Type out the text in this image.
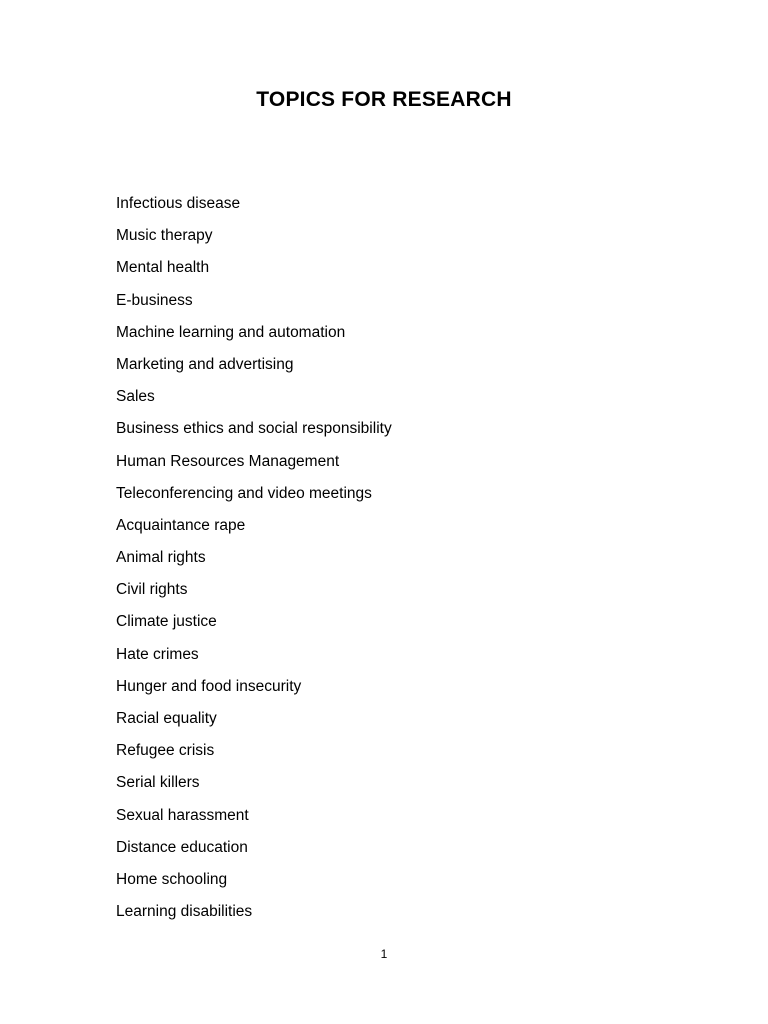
TOPICS FOR RESEARCH
Infectious disease
Music therapy
Mental health
E-business
Machine learning and automation
Marketing and advertising
Sales
Business ethics and social responsibility
Human Resources Management
Teleconferencing and video meetings
Acquaintance rape
Animal rights
Civil rights
Climate justice
Hate crimes
Hunger and food insecurity
Racial equality
Refugee crisis
Serial killers
Sexual harassment
Distance education
Home schooling
Learning disabilities
1
